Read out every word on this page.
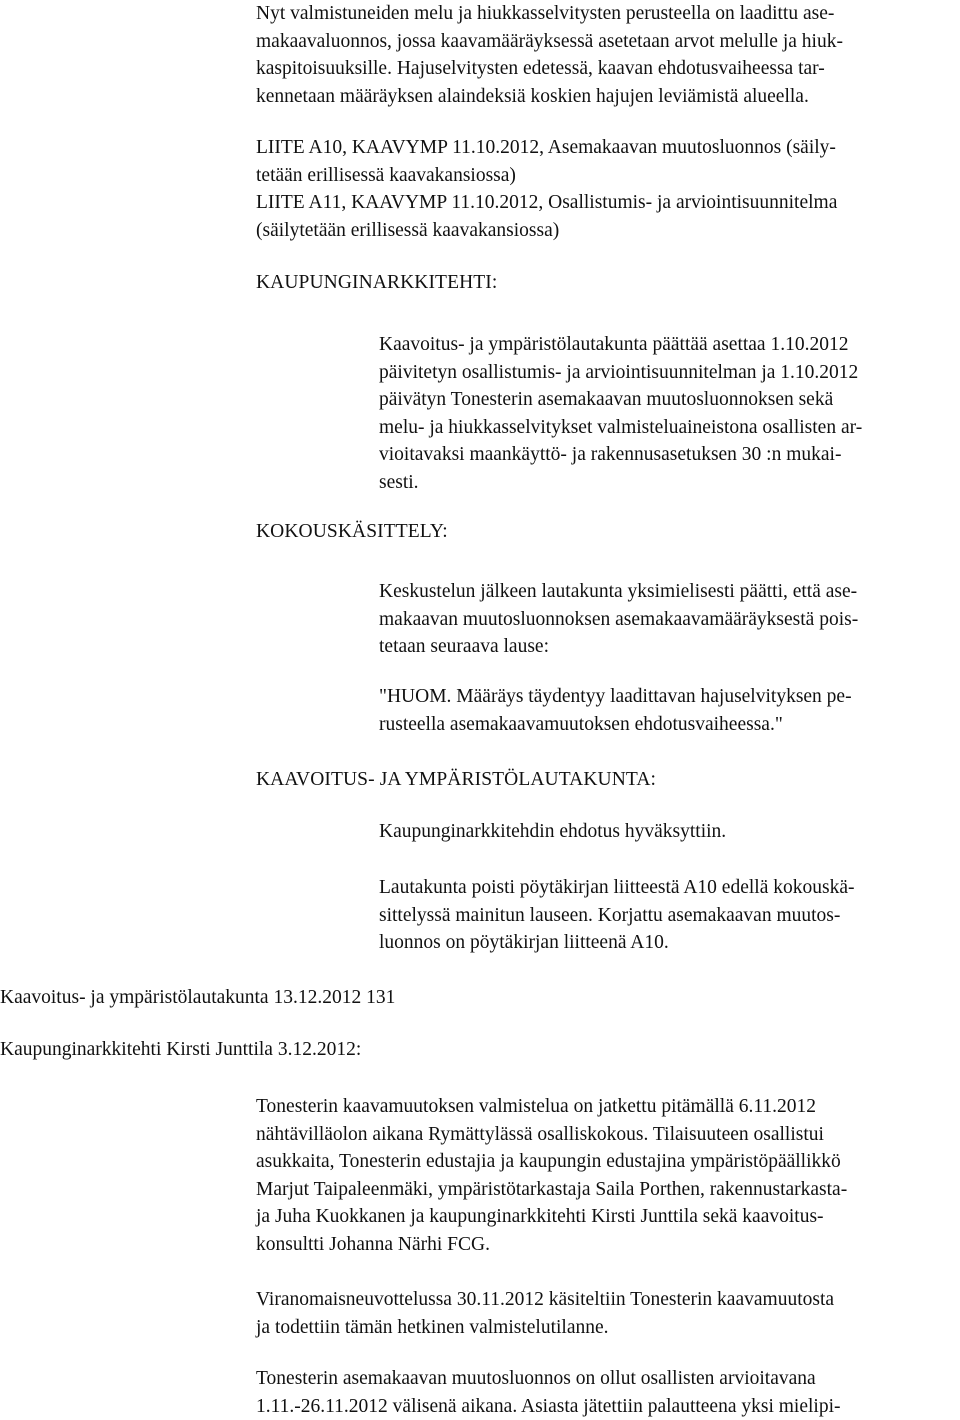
Nyt valmistuneiden melu ja hiukkasselvitysten perusteella on laadittu ase-
makaavaluonnos, jossa kaavamääräyksessä asetetaan arvot melulle ja hiuk-
kaspitoisuuksille. Hajuselvitysten edetessä, kaavan ehdotusvaiheessa tar-
kennetaan määräyksen alaindeksiä koskien hajujen leviämistä alueella.
LIITE A10, KAAVYMP 11.10.2012, Asemakaavan muutosluonnos (säily-
tetään erillisessä kaavakansiossa)
LIITE A11, KAAVYMP 11.10.2012, Osallistumis- ja arviointisuunnitelma
(säilytetään erillisessä kaavakansiossa)
KAUPUNGINARKKITEHTI:
Kaavoitus- ja ympäristölautakunta päättää asettaa 1.10.2012
päivitetyn osallistumis- ja arviointisuunnitelman ja 1.10.2012
päivätyn Tonesterin asemakaavan muutosluonnoksen sekä
melu- ja hiukkasselvitykset valmisteluaineistona osallisten ar-
vioitavaksi maankäyttö- ja rakennusasetuksen 30 :n mukai-
sesti.
KOKOUSKÄSITTELY:
Keskustelun jälkeen lautakunta yksimielisesti päätti, että ase-
makaavan muutosluonnoksen asemakaavamääräyksestä pois-
tetaan seuraava lause:
"HUOM. Määräys täydentyy laadittavan hajuselvityksen pe-
rusteella asemakaavamuutoksen ehdotusvaiheessa."
KAAVOITUS- JA YMPÄRISTÖLAUTAKUNTA:
Kaupunginarkkitehdin ehdotus hyväksyttiin.
Lautakunta poisti pöytäkirjan liitteestä A10 edellä kokouskä-
sittelyssä mainitun lauseen. Korjattu asemakaavan muutos-
luonnos on pöytäkirjan liitteenä A10.
Kaavoitus- ja ympäristölautakunta 13.12.2012 131
Kaupunginarkkitehti Kirsti Junttila 3.12.2012:
Tonesterin kaavamuutoksen valmistelua on jatkettu pitämällä 6.11.2012
nähtävilläolon aikana Rymättylässä osalliskokous. Tilaisuuteen osallistui
asukkaita, Tonesterin edustajia ja kaupungin edustajina ympäristöpäällikkö
Marjut Taipaleenmäki, ympäristötarkastaja Saila Porthen, rakennustarkasta-
ja Juha Kuokkanen ja kaupunginarkkitehti Kirsti Junttila sekä kaavoitus-
konsultti Johanna Närhi FCG.
Viranomaisneuvottelussa 30.11.2012 käsiteltiin Tonesterin kaavamuutosta
ja todettiin tämän hetkinen valmistelutilanne.
Tonesterin asemakaavan muutosluonnos on ollut osallisten arvioitavana
1.11.-26.11.2012 välisenä aikana. Asiasta jätettiin palautteena yksi mielipi-
